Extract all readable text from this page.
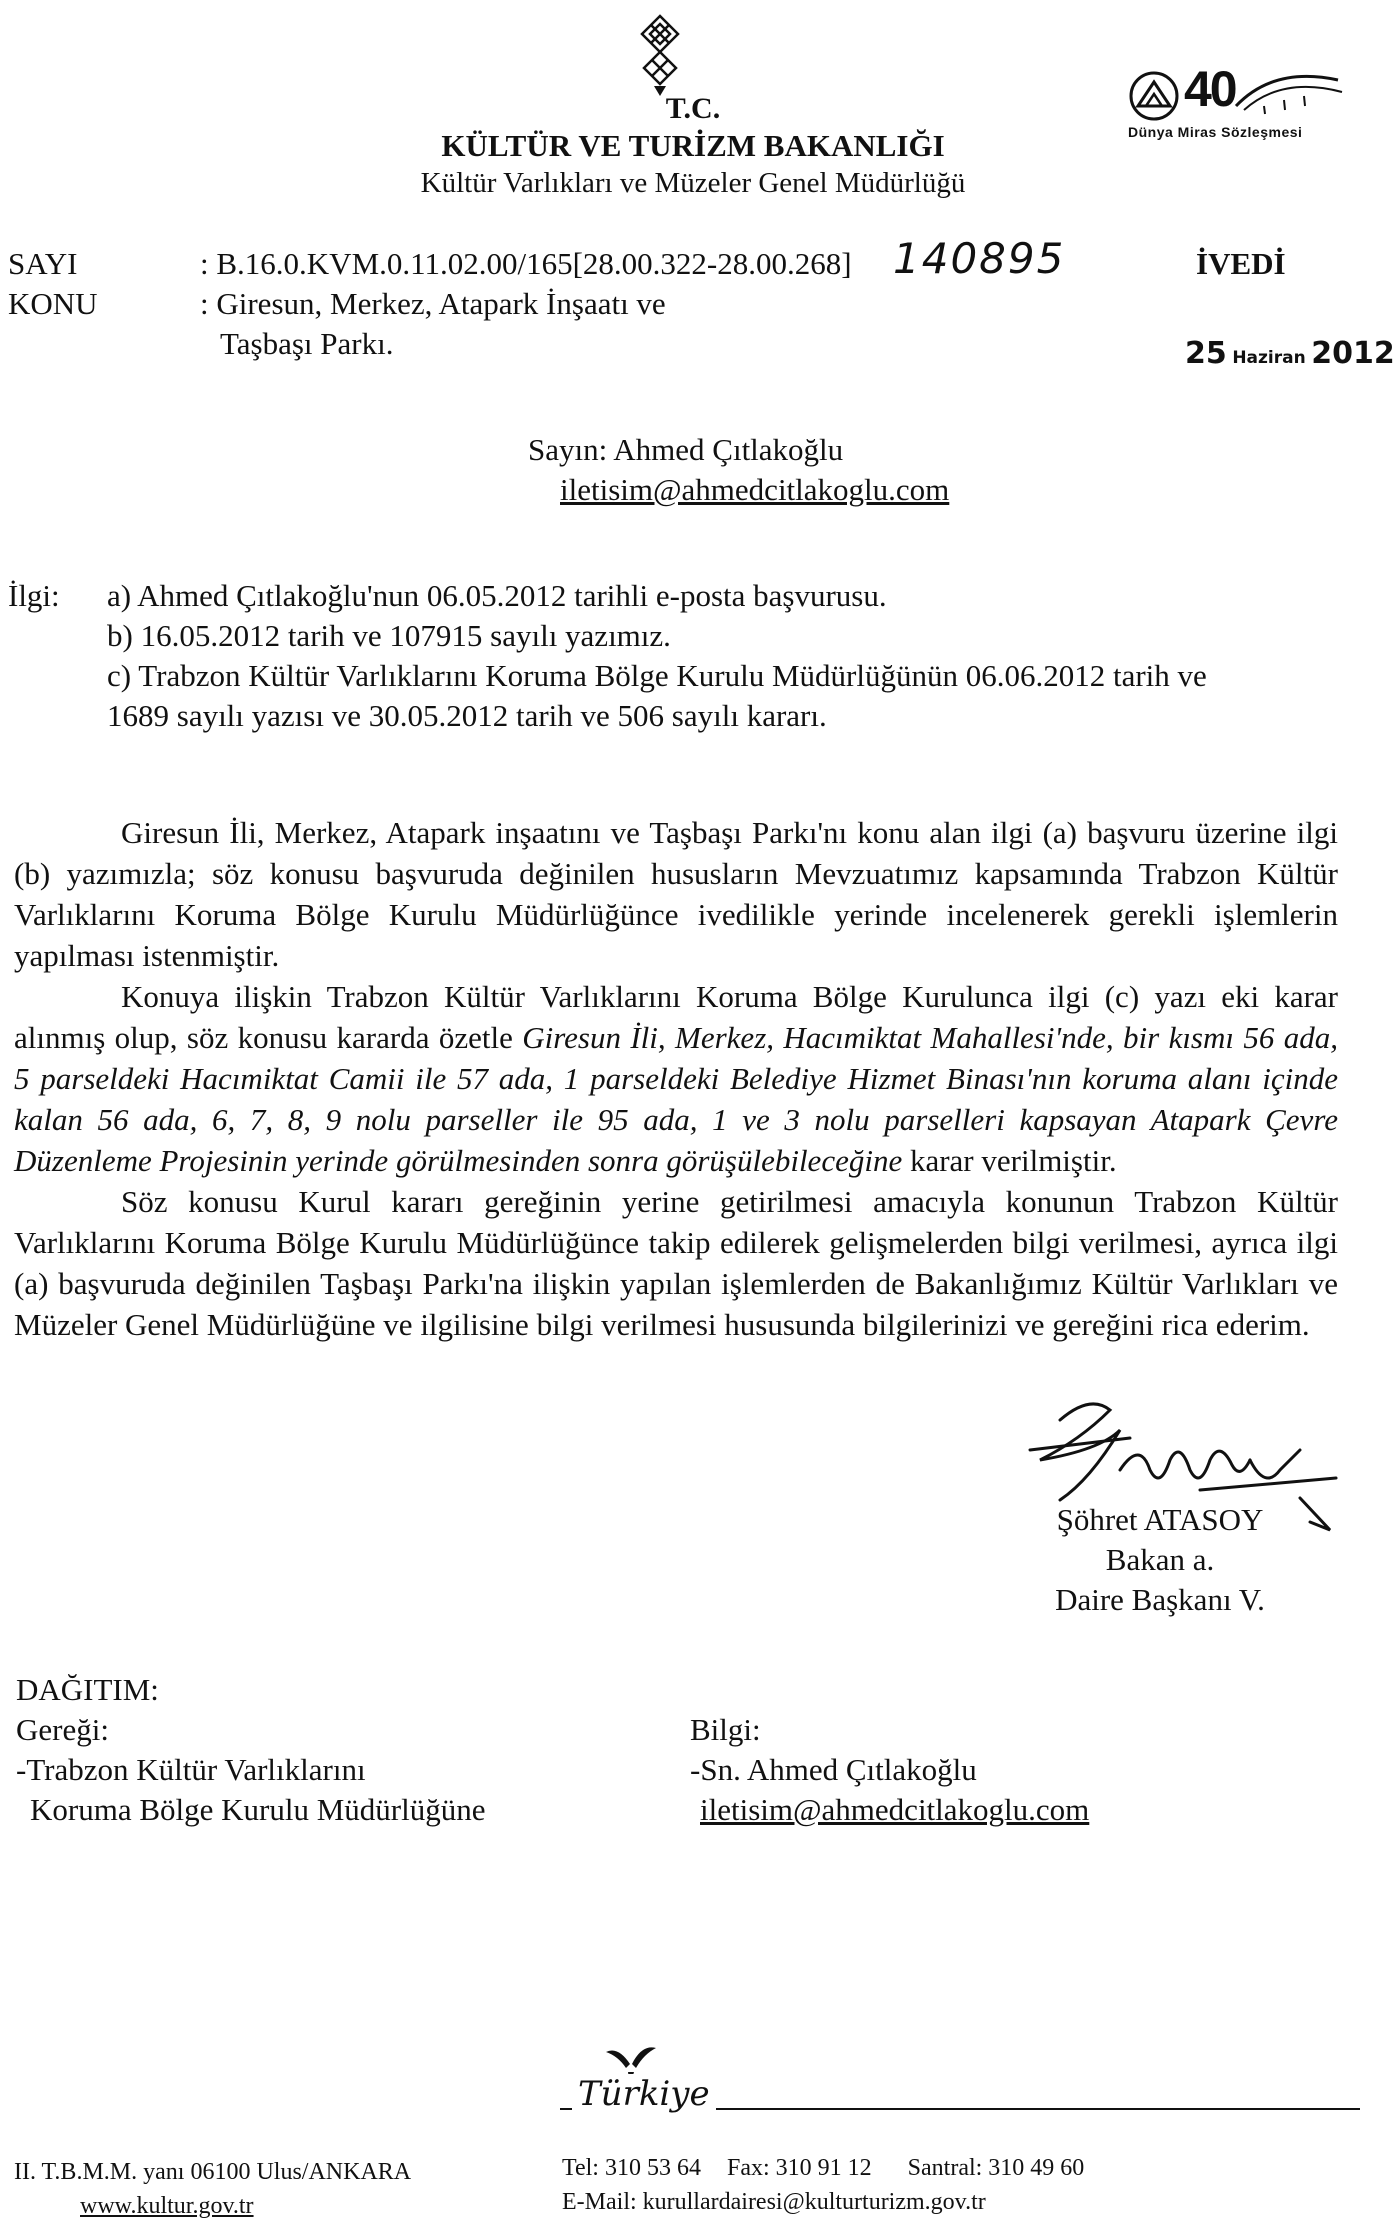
T.C.
KÜLTÜR VE TURİZM BAKANLIĞI
Kültür Varlıkları ve Müzeler Genel Müdürlüğü
40
Dünya Miras Sözleşmesi
SAYI	: B.16.0.KVM.0.11.02.00/165[28.00.322-28.00.268] 140895	İVEDİ
KONU	: Giresun, Merkez, Atapark İnşaatı ve
Taşbaşı Parkı.	25 Haziran 2012
Sayın: Ahmed Çıtlakoğlu
iletisim@ahmedcitlakoglu.com
İlgi: a) Ahmed Çıtlakoğlu'nun 06.05.2012 tarihli e-posta başvurusu.
b) 16.05.2012 tarih ve 107915 sayılı yazımız.
c) Trabzon Kültür Varlıklarını Koruma Bölge Kurulu Müdürlüğünün 06.06.2012 tarih ve
1689 sayılı yazısı ve 30.05.2012 tarih ve 506 sayılı kararı.

Giresun İli, Merkez, Atapark inşaatını ve Taşbaşı Parkı'nı konu alan ilgi (a) başvuru üzerine ilgi (b) yazımızla; söz konusu başvuruda değinilen hususların Mevzuatımız kapsamında Trabzon Kültür Varlıklarını Koruma Bölge Kurulu Müdürlüğünce ivedilikle yerinde incelenerek gerekli işlemlerin yapılması istenmiştir.

Konuya ilişkin Trabzon Kültür Varlıklarını Koruma Bölge Kurulunca ilgi (c) yazı eki karar alınmış olup, söz konusu kararda özetle Giresun İli, Merkez, Hacımiktat Mahallesi'nde, bir kısmı 56 ada, 5 parseldeki Hacımiktat Camii ile 57 ada, 1 parseldeki Belediye Hizmet Binası'nın koruma alanı içinde kalan 56 ada, 6, 7, 8, 9 nolu parseller ile 95 ada, 1 ve 3 nolu parselleri kapsayan Atapark Çevre Düzenleme Projesinin yerinde görülmesinden sonra görüşülebileceğine karar verilmiştir.

Söz konusu Kurul kararı gereğinin yerine getirilmesi amacıyla konunun Trabzon Kültür Varlıklarını Koruma Bölge Kurulu Müdürlüğünce takip edilerek gelişmelerden bilgi verilmesi, ayrıca ilgi (a) başvuruda değinilen Taşbaşı Parkı'na ilişkin yapılan işlemlerden de Bakanlığımız Kültür Varlıkları ve Müzeler Genel Müdürlüğüne ve ilgilisine bilgi verilmesi hususunda bilgilerinizi ve gereğini rica ederim.

Şöhret ATASOY
Bakan a.
Daire Başkanı V.
DAĞITIM:
Gereği:
-Trabzon Kültür Varlıklarını
Koruma Bölge Kurulu Müdürlüğüne
Bilgi:
-Sn. Ahmed Çıtlakoğlu
iletisim@ahmedcitlakoglu.com
Türkiye
II. T.B.M.M. yanı 06100 Ulus/ANKARA
www.kultur.gov.tr
Tel: 310 53 64 Fax: 310 91 12 Santral: 310 49 60
E-Mail: kurullardairesi@kulturturizm.gov.tr
